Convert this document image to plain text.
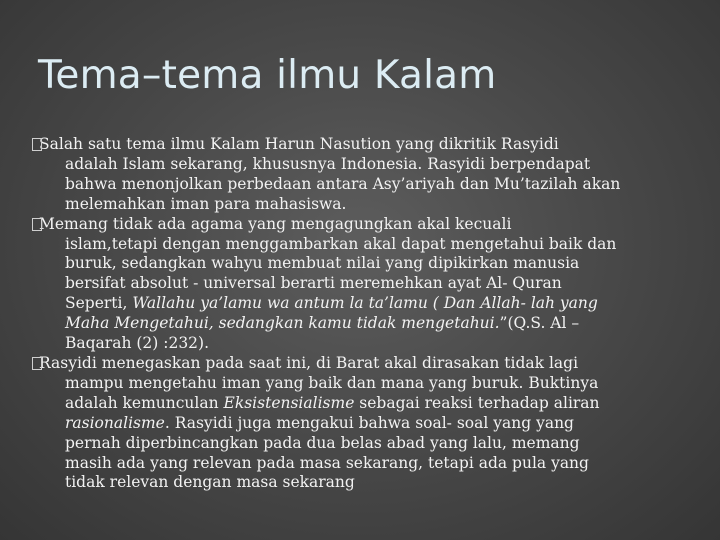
Tema–tema ilmu Kalam
Salah satu tema ilmu Kalam Harun Nasution yang dikritik Rasyidi
adalah Islam sekarang, khususnya Indonesia. Rasyidi berpendapat
bahwa menonjolkan perbedaan antara Asy’ariyah dan Mu’tazilah akan
melemahkan iman para mahasiswa.
Memang tidak ada agama yang mengagungkan akal kecuali
islam,tetapi dengan menggambarkan akal dapat mengetahui baik dan
buruk, sedangkan wahyu membuat nilai yang dipikirkan manusia
bersifat absolut - universal berarti meremehkan ayat Al- Quran
Seperti, Wallahu ya’lamu wa antum la ta’lamu ( Dan Allah- lah yang
Maha Mengetahui, sedangkan kamu tidak mengetahui.”(Q.S. Al –
Baqarah (2) :232).
Rasyidi menegaskan pada saat ini, di Barat akal dirasakan tidak lagi
mampu mengetahu iman yang baik dan mana yang buruk. Buktinya
adalah kemunculan Eksistensialisme sebagai reaksi terhadap aliran
rasionalisme. Rasyidi juga mengakui bahwa soal- soal yang yang
pernah diperbincangkan pada dua belas abad yang lalu, memang
masih ada yang relevan pada masa sekarang, tetapi ada pula yang
tidak relevan dengan masa sekarang
